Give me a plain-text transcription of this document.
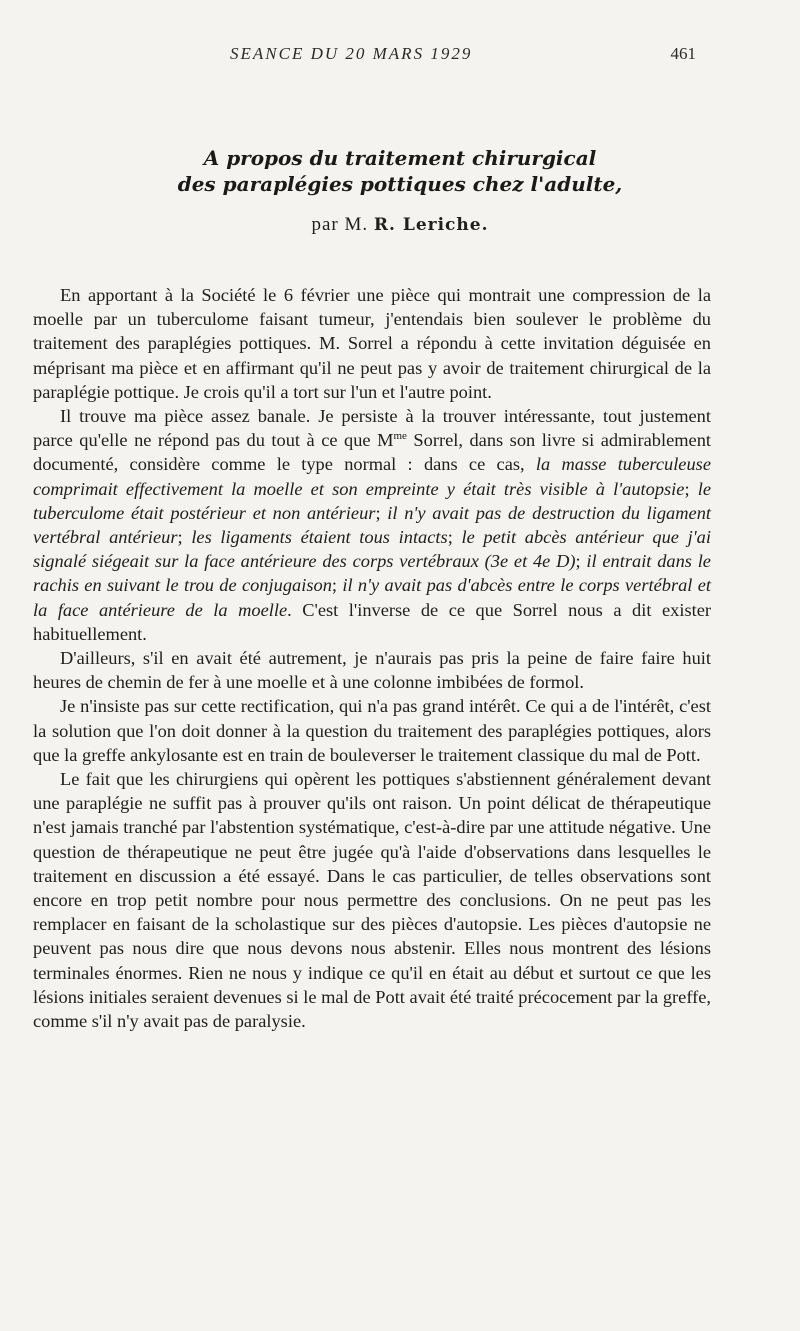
SEANCE DU 20 MARS 1929	461
A propos du traitement chirurgical
des paraplégies pottiques chez l'adulte,
par M. R. Leriche.

En apportant à la Société le 6 février une pièce qui montrait une compression de la moelle par un tuberculome faisant tumeur, j'entendais bien soulever le problème du traitement des paraplégies pottiques. M. Sorrel a répondu à cette invitation déguisée en méprisant ma pièce et en affirmant qu'il ne peut pas y avoir de traitement chirurgical de la paraplégie pottique. Je crois qu'il a tort sur l'un et l'autre point.

Il trouve ma pièce assez banale. Je persiste à la trouver intéressante, tout justement parce qu'elle ne répond pas du tout à ce que $M^{me}$ Sorrel, dans son livre si admirablement documenté, considère comme le type normal : dans ce cas, la masse tuberculeuse comprimait effectivement la moelle et son empreinte y était très visible à l'autopsie; le tuberculome était postérieur et non antérieur; il n'y avait pas de destruction du ligament vertébral antérieur; les ligaments étaient tous intacts; le petit abcès antérieur que j'ai signalé siégeait sur la face antérieure des corps vertébraux (3e et 4e D); il entrait dans le rachis en suivant le trou de conjugaison; il n'y avait pas d'abcès entre le corps vertébral et la face antérieure de la moelle. C'est l'inverse de ce que Sorrel nous a dit exister habituellement.

D'ailleurs, s'il en avait été autrement, je n'aurais pas pris la peine de faire faire huit heures de chemin de fer à une moelle et à une colonne imbibées de formol.

Je n'insiste pas sur cette rectification, qui n'a pas grand intérêt. Ce qui a de l'intérêt, c'est la solution que l'on doit donner à la question du traitement des paraplégies pottiques, alors que la greffe ankylosante est en train de bouleverser le traitement classique du mal de Pott.

Le fait que les chirurgiens qui opèrent les pottiques s'abstiennent généralement devant une paraplégie ne suffit pas à prouver qu'ils ont raison. Un point délicat de thérapeutique n'est jamais tranché par l'abstention systématique, c'est-à-dire par une attitude négative. Une question de thérapeutique ne peut être jugée qu'à l'aide d'observations dans lesquelles le traitement en discussion a été essayé. Dans le cas particulier, de telles observations sont encore en trop petit nombre pour nous permettre des conclusions. On ne peut pas les remplacer en faisant de la scholastique sur des pièces d'autopsie. Les pièces d'autopsie ne peuvent pas nous dire que nous devons nous abstenir. Elles nous montrent des lésions terminales énormes. Rien ne nous y indique ce qu'il en était au début et surtout ce que les lésions initiales seraient devenues si le mal de Pott avait été traité précocement par la greffe, comme s'il n'y avait pas de paralysie.
